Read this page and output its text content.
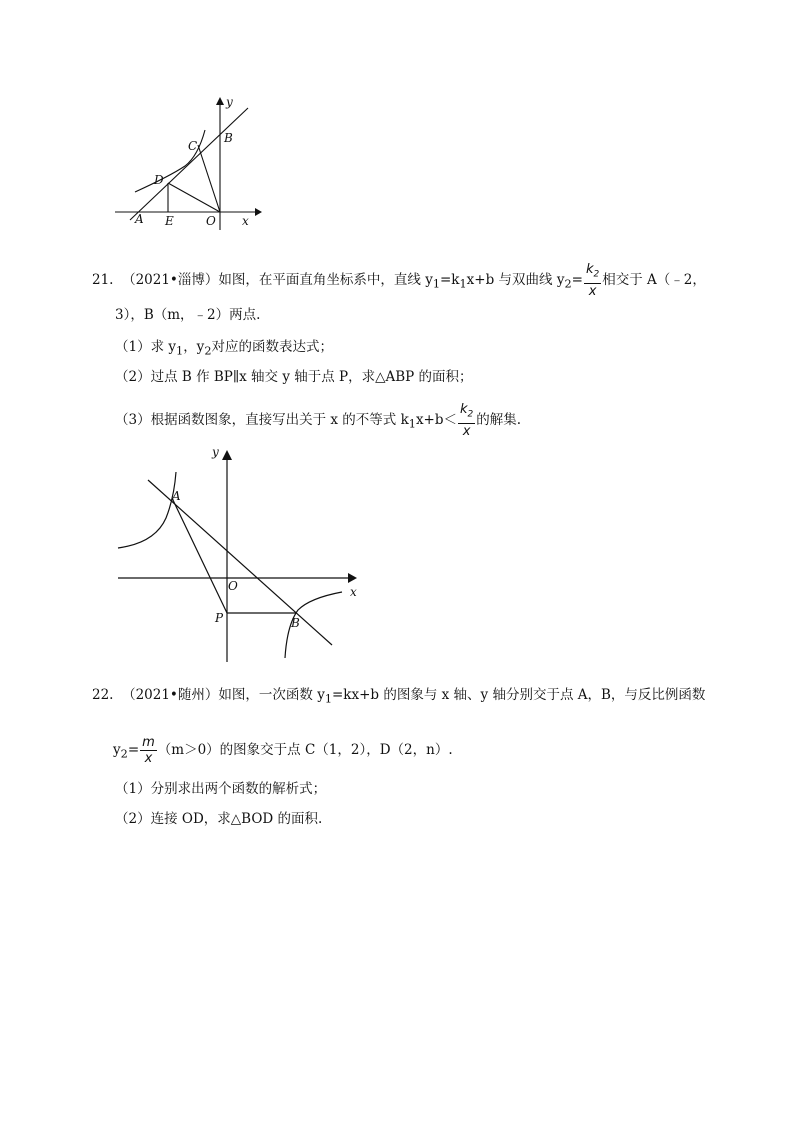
y
x
B
C
D
A E	O
21. （2021•淄博）如图，在平面直角坐标系中，直线 $y_1=k_1x+b$ 与双曲线 $y_2= \frac{k_2}{x}$ 相交于 A（﹣2，
3），B（m，﹣2）两点.
（1）求 $y_1$，$y_2$对应的函数表达式；
（2）过点 B 作 BP∥x 轴交 y 轴于点 P，求△ABP 的面积；
（3）根据函数图象，直接写出关于 x 的不等式 $k_1x+b< \frac{k_2}{x}$ 的解集.
y
x
A
O
P	B
22. （2021•随州）如图，一次函数 $y_1=kx+b$ 的图象与 x 轴、y 轴分别交于点 A，B，与反比例函数
$y_2= \frac{m}{x} (m>0)$的图象交于点 C（1，2），D（2，n）.
（1）分别求出两个函数的解析式；
（2）连接 OD，求△BOD 的面积.
